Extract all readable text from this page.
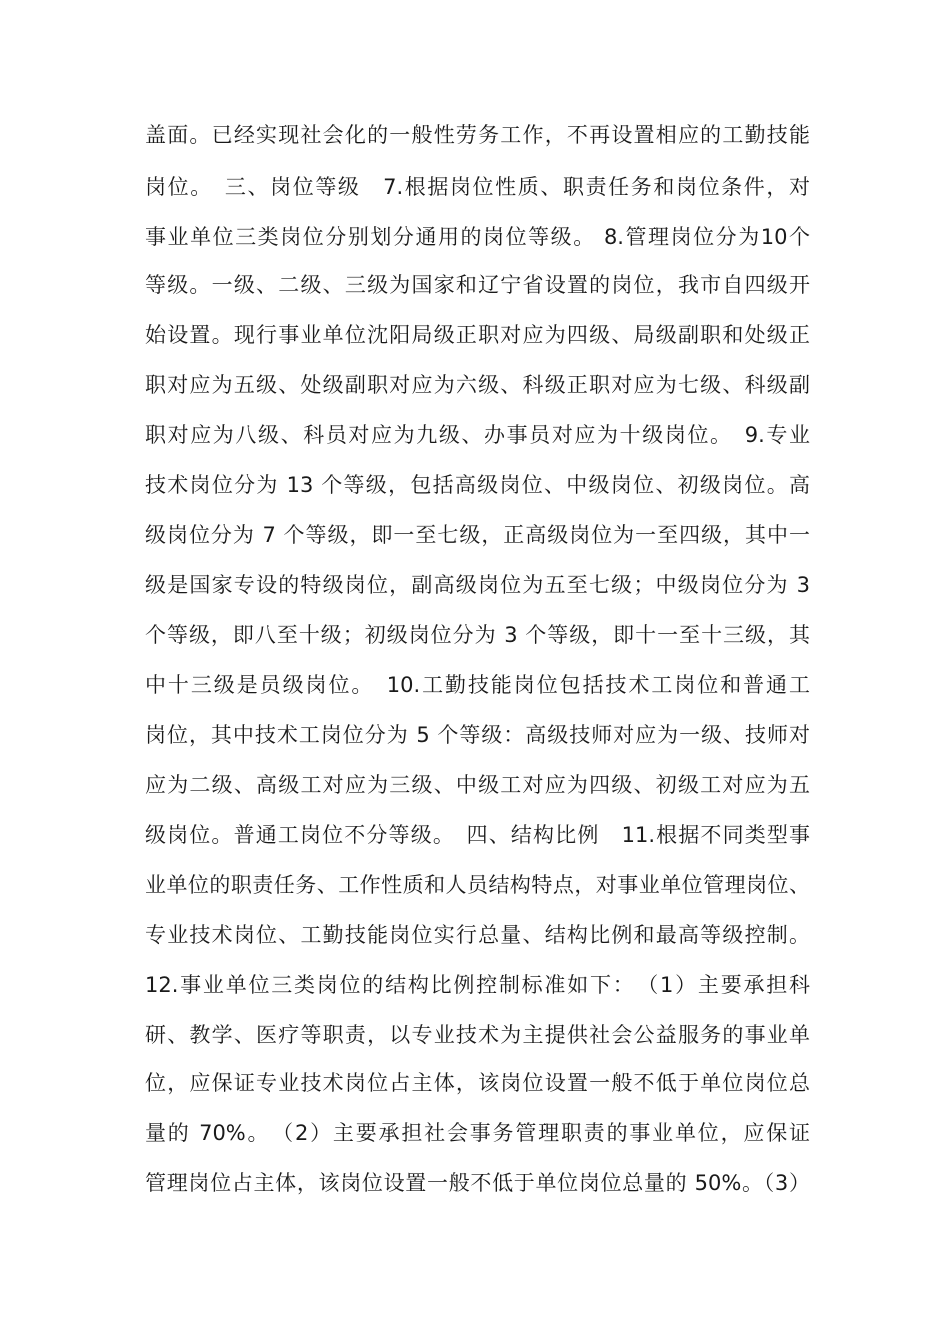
盖面。已经实现社会化的一般性劳务工作，不再设置相应的工勤技能
岗位。　三、岗位等级　7.根据岗位性质、职责任务和岗位条件，对
事业单位三类岗位分别划分通用的岗位等级。 8.管理岗位分为10个
等级。一级、二级、三级为国家和辽宁省设置的岗位，我市自四级开
始设置。现行事业单位沈阳局级正职对应为四级、局级副职和处级正
职对应为五级、处级副职对应为六级、科级正职对应为七级、科级副
职对应为八级、科员对应为九级、办事员对应为十级岗位。　9.专业
技术岗位分为 13 个等级，包括高级岗位、中级岗位、初级岗位。高
级岗位分为 7 个等级，即一至七级，正高级岗位为一至四级，其中一
级是国家专设的特级岗位，副高级岗位为五至七级；中级岗位分为 3
个等级，即八至十级；初级岗位分为 3 个等级，即十一至十三级，其
中十三级是员级岗位。　10.工勤技能岗位包括技术工岗位和普通工
岗位，其中技术工岗位分为 5 个等级：高级技师对应为一级、技师对
应为二级、高级工对应为三级、中级工对应为四级、初级工对应为五
级岗位。普通工岗位不分等级。　四、结构比例　11.根据不同类型事
业单位的职责任务、工作性质和人员结构特点，对事业单位管理岗位、
专业技术岗位、工勤技能岗位实行总量、结构比例和最高等级控制。
12.事业单位三类岗位的结构比例控制标准如下：　（1）主要承担科
研、教学、医疗等职责，以专业技术为主提供社会公益服务的事业单
位，应保证专业技术岗位占主体，该岗位设置一般不低于单位岗位总
量的 70%。　（2）主要承担社会事务管理职责的事业单位，应保证
管理岗位占主体，该岗位设置一般不低于单位岗位总量的 50%。（3）
